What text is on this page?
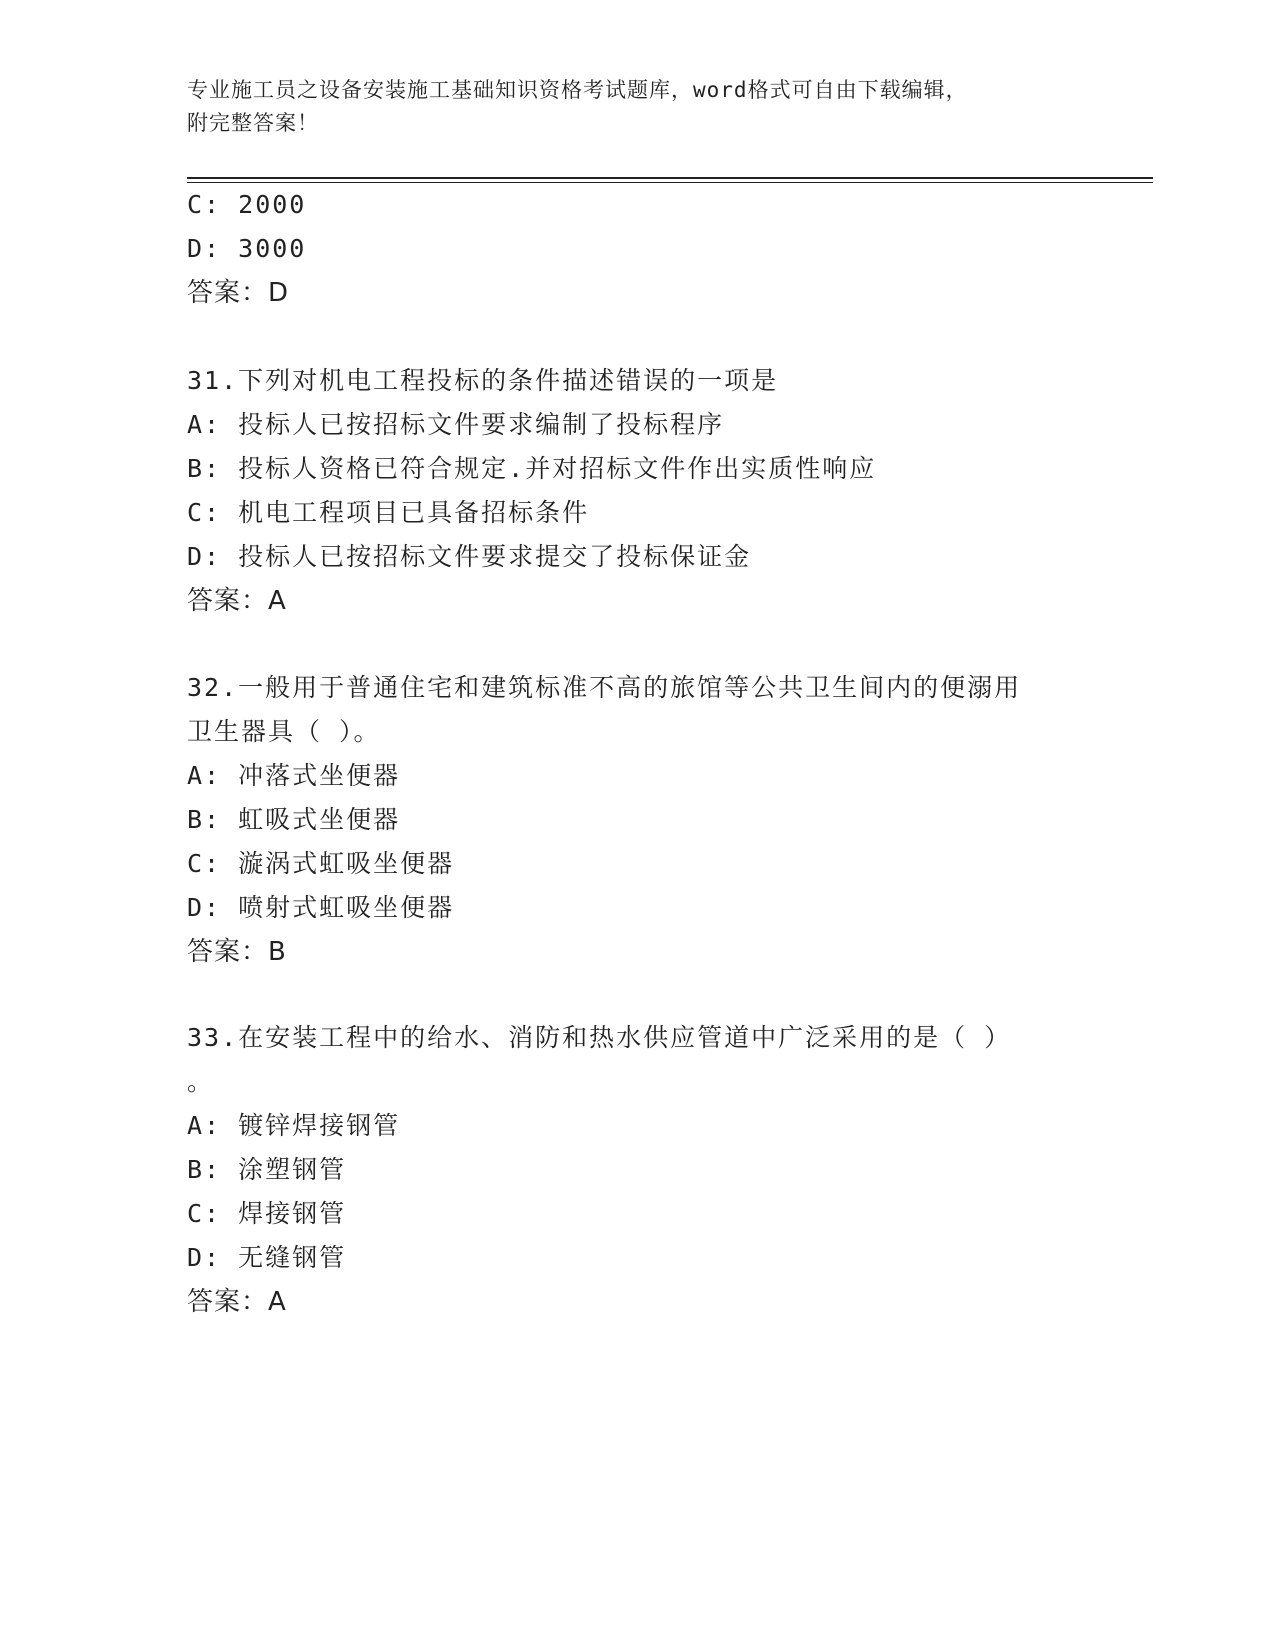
专业施工员之设备安装施工基础知识资格考试题库，word格式可自由下载编辑，
附完整答案！
C: 2000
D: 3000
答案：D
31.下列对机电工程投标的条件描述错误的一项是
A: 投标人已按招标文件要求编制了投标程序
B: 投标人资格已符合规定.并对招标文件作出实质性响应
C: 机电工程项目已具备招标条件
D: 投标人已按招标文件要求提交了投标保证金
答案：A
32.一般用于普通住宅和建筑标准不高的旅馆等公共卫生间内的便溺用
卫生器具（ ）。
A: 冲落式坐便器
B: 虹吸式坐便器
C: 漩涡式虹吸坐便器
D: 喷射式虹吸坐便器
答案：B
33.在安装工程中的给水、消防和热水供应管道中广泛采用的是（ ）
。
A: 镀锌焊接钢管
B: 涂塑钢管
C: 焊接钢管
D: 无缝钢管
答案：A
